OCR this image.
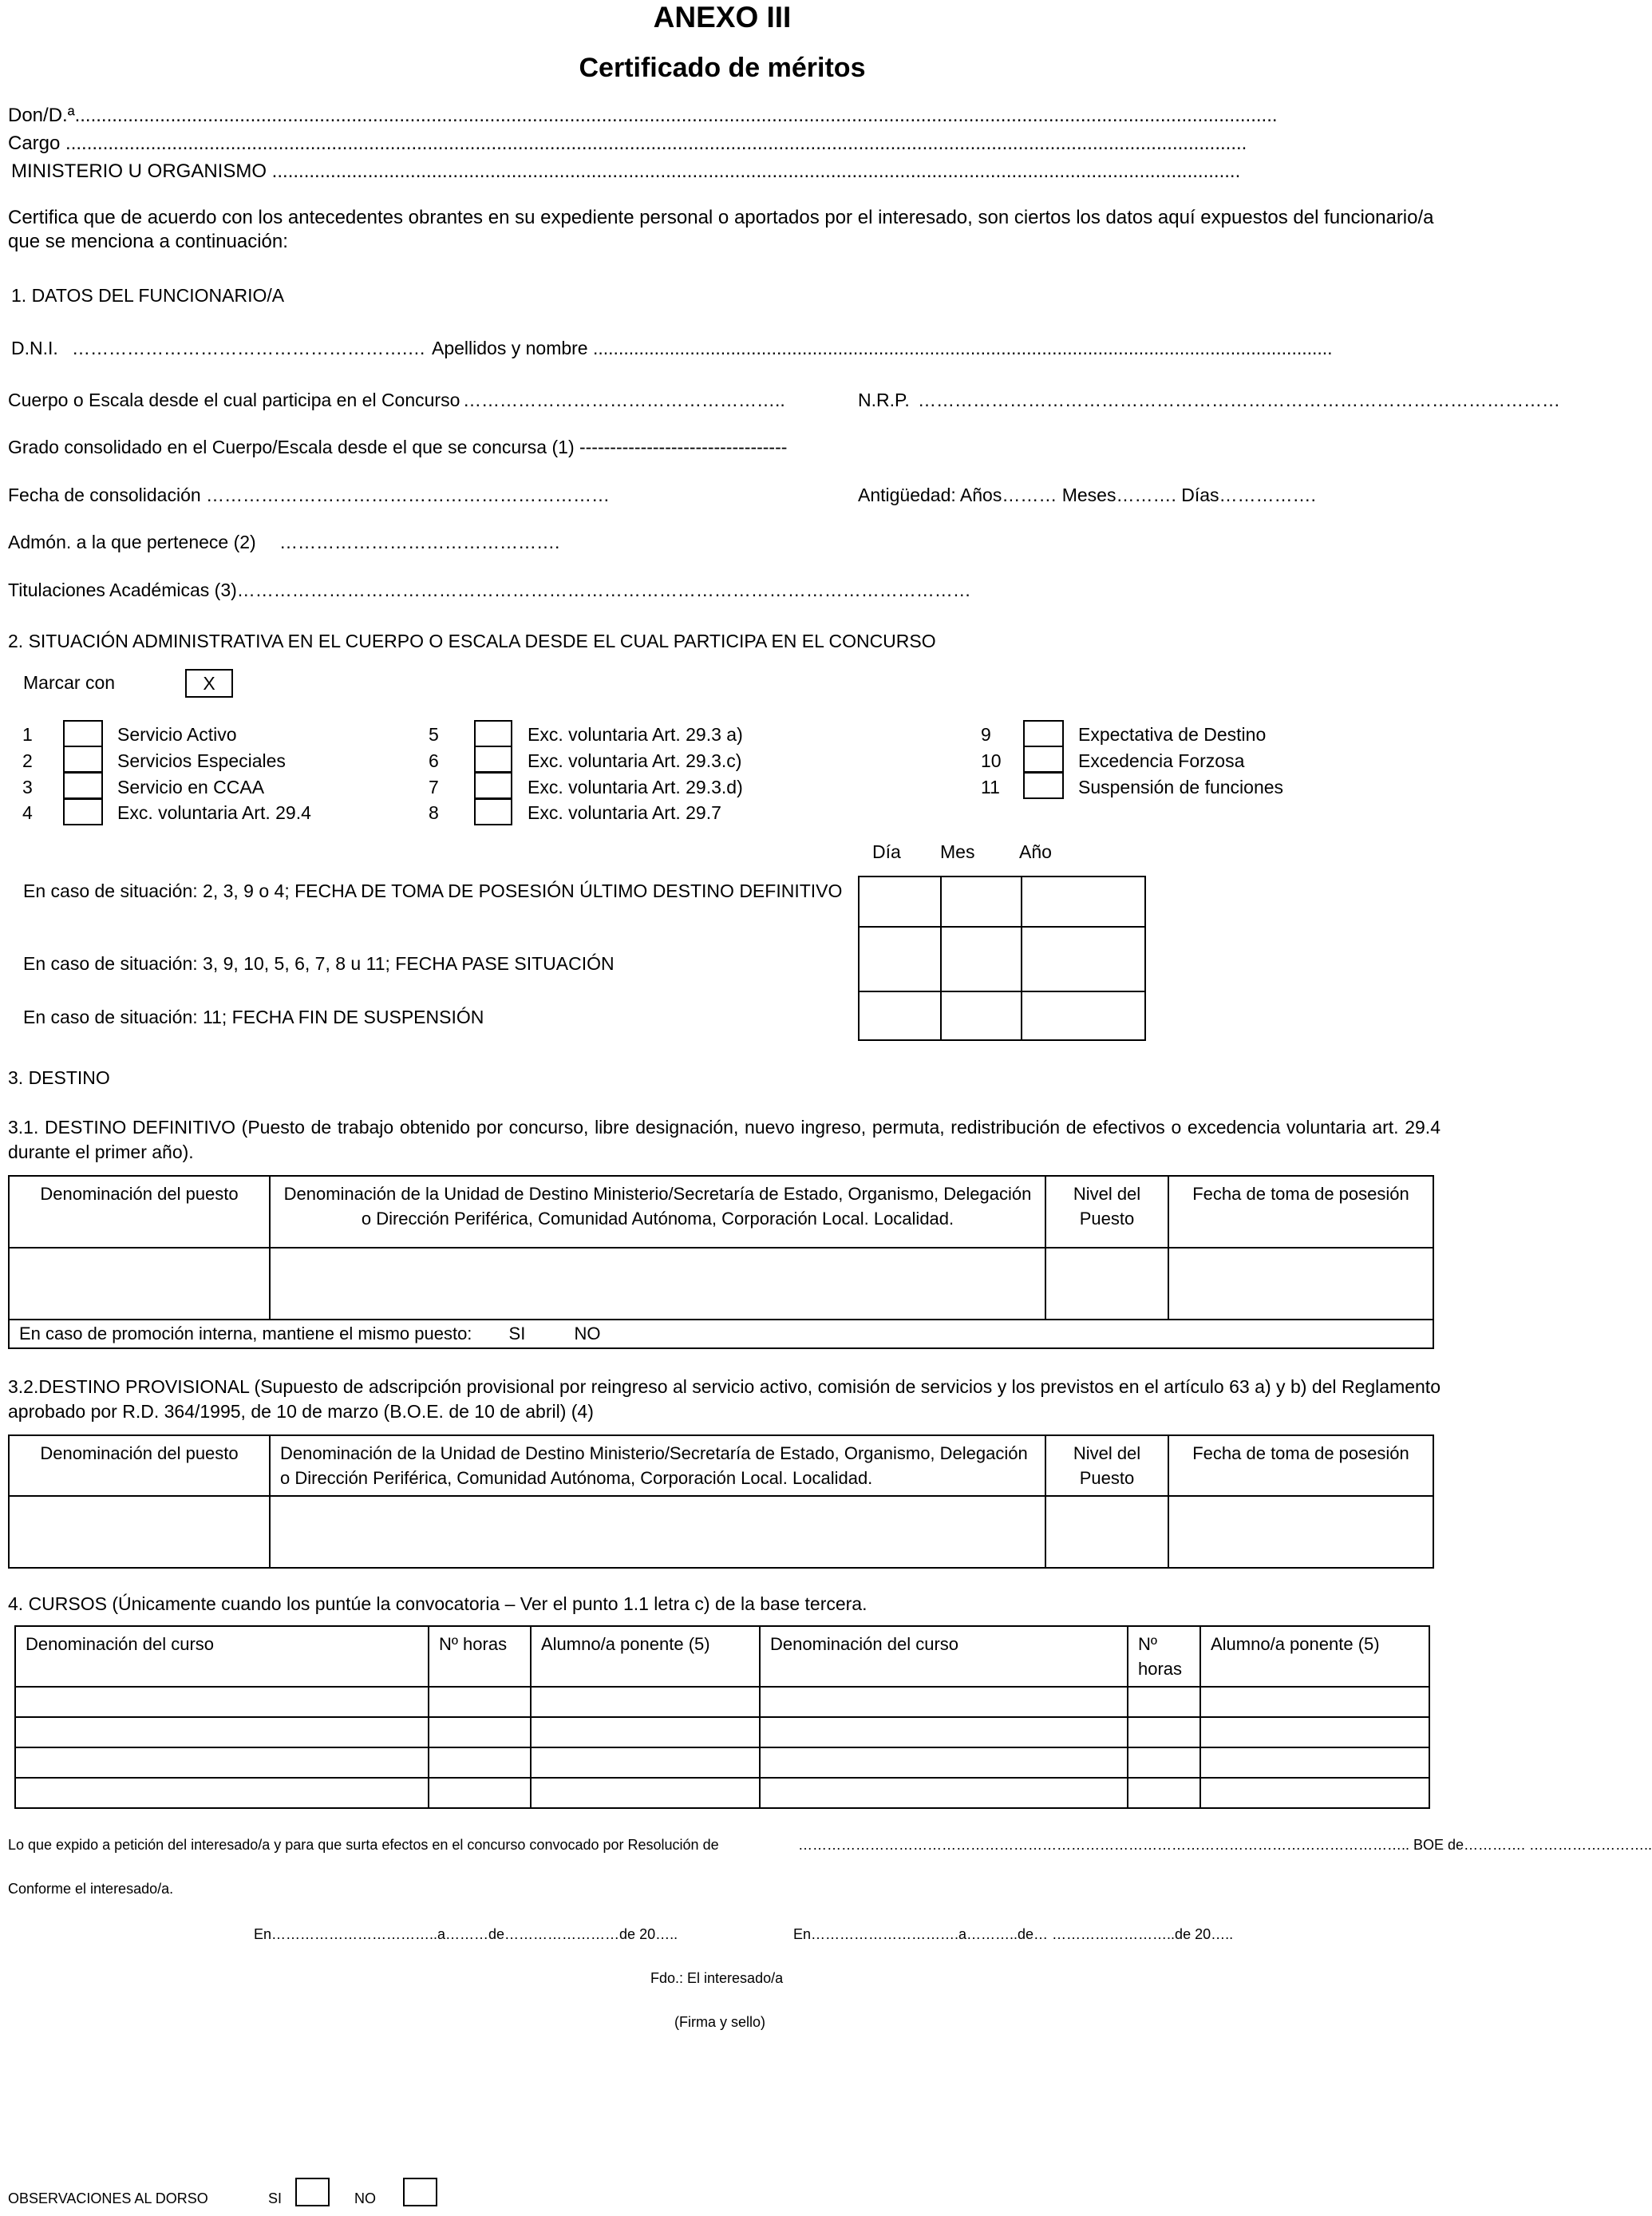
ANEXO III
Certificado de méritos
Don/D.ª..................................................................................................................................................................................................................................
Cargo ..............................................................................................................................................................................................................................
MINISTERIO U ORGANISMO ......................................................................................................................................................................................
Certifica que de acuerdo con los antecedentes obrantes en su expediente personal o aportados por el interesado, son ciertos los datos aquí expuestos del funcionario/a que se menciona a continuación:
1. DATOS DEL FUNCIONARIO/A
D.N.I. ……………………………………………….… Apellidos y nombre .................................................................................................................................................
Cuerpo o Escala desde el cual participa en el Concurso ……………………………………………..	N.R.P. ……………………………………………………………………………………………
Grado consolidado en el Cuerpo/Escala desde el que se concursa (1) ----------------------------------
Fecha de consolidación …………………………………………………………	Antigüedad: Años……… Meses………. Días…………….
Admón. a la que pertenece (2) ……………………………………….
Titulaciones Académicas (3)…………………………………………………………………………………………………………
2. SITUACIÓN ADMINISTRATIVA EN EL CUERPO O ESCALA DESDE EL CUAL PARTICIPA EN EL CONCURSO
Marcar con	X
1	Servicio Activo
2	Servicios Especiales
3	Servicio en CCAA
4	Exc. voluntaria Art. 29.4
5	Exc. voluntaria Art. 29.3 a)
6	Exc. voluntaria Art. 29.3.c)
7	Exc. voluntaria Art. 29.3.d)
8	Exc. voluntaria Art. 29.7
9	Expectativa de Destino
10	Excedencia Forzosa
11	Suspensión de funciones
Día Mes Año
En caso de situación: 2, 3, 9 o 4; FECHA DE TOMA DE POSESIÓN ÚLTIMO DESTINO DEFINITIVO
En caso de situación: 3, 9, 10, 5, 6, 7, 8 u 11; FECHA PASE SITUACIÓN
En caso de situación: 11; FECHA FIN DE SUSPENSIÓN
3. DESTINO
3.1. DESTINO DEFINITIVO (Puesto de trabajo obtenido por concurso, libre designación, nuevo ingreso, permuta, redistribución de efectivos o excedencia voluntaria art. 29.4 durante el primer año).
Denominación del puesto	Denominación de la Unidad de Destino Ministerio/Secretaría de Estado, Organismo, Delegación o Dirección Periférica, Comunidad Autónoma, Corporación Local. Localidad.	Nivel del Puesto	Fecha de toma de posesión

En caso de promoción interna, mantiene el mismo puesto: SI NO			
3.2.DESTINO PROVISIONAL (Supuesto de adscripción provisional por reingreso al servicio activo, comisión de servicios y los previstos en el artículo 63 a) y b) del Reglamento aprobado por R.D. 364/1995, de 10 de marzo (B.O.E. de 10 de abril) (4)
Denominación del puesto	Denominación de la Unidad de Destino Ministerio/Secretaría de Estado, Organismo, Delegación o Dirección Periférica, Comunidad Autónoma, Corporación Local. Localidad.	Nivel del Puesto	Fecha de toma de posesión

4. CURSOS (Únicamente cuando los puntúe la convocatoria – Ver el punto 1.1 letra c) de la base tercera.
Denominación del curso	Nº horas	Alumno/a ponente (5)	Denominación del curso	Nº horas	Alumno/a ponente (5)

Lo que expido a petición del interesado/a y para que surta efectos en el concurso convocado por Resolución de	……………………………………………………………………………………………………………….. BOE de…………. ……………………..
Conforme el interesado/a.
En……………………………..a………de……………………de 20…..	En………………………….a………..de… ……………………..de 20…..
Fdo.: El interesado/a
(Firma y sello)
OBSERVACIONES AL DORSO	SI	NO
